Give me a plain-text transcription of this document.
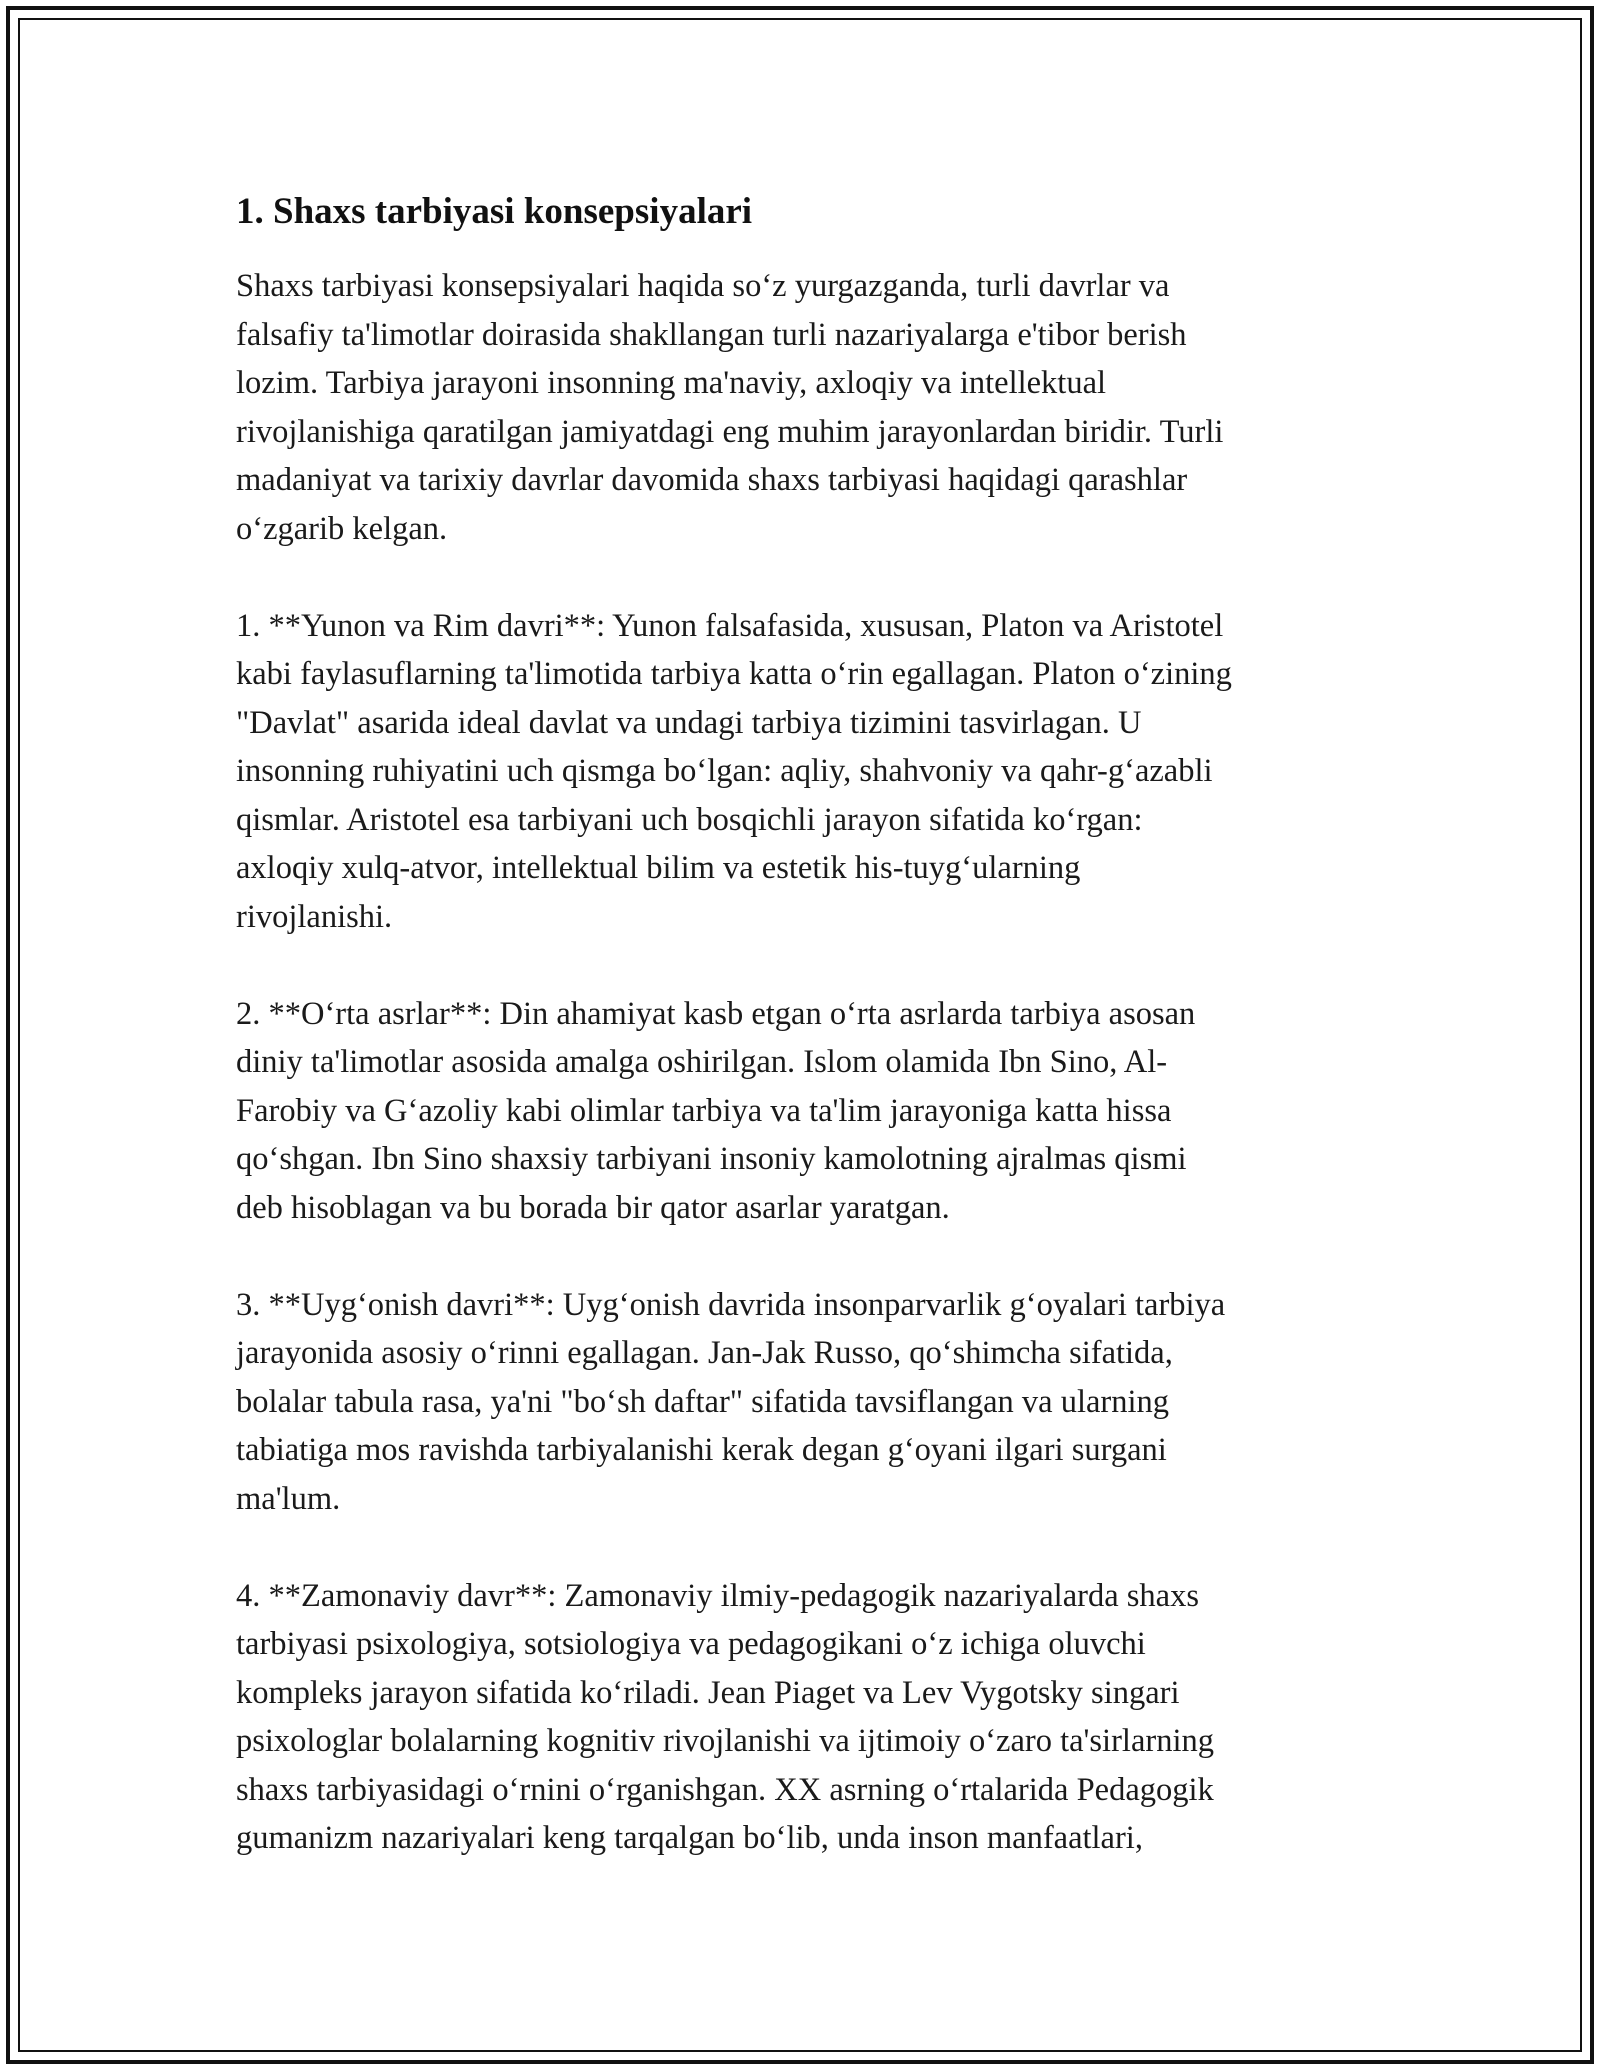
1. Shaxs tarbiyasi konsepsiyalari

Shaxs tarbiyasi konsepsiyalari haqida so‘z yurgazganda, turli davrlar va
falsafiy ta'limotlar doirasida shakllangan turli nazariyalarga e'tibor berish
lozim. Tarbiya jarayoni insonning ma'naviy, axloqiy va intellektual
rivojlanishiga qaratilgan jamiyatdagi eng muhim jarayonlardan biridir. Turli
madaniyat va tarixiy davrlar davomida shaxs tarbiyasi haqidagi qarashlar
o‘zgarib kelgan.

1. **Yunon va Rim davri**: Yunon falsafasida, xususan, Platon va Aristotel
kabi faylasuflarning ta'limotida tarbiya katta o‘rin egallagan. Platon o‘zining
"Davlat" asarida ideal davlat va undagi tarbiya tizimini tasvirlagan. U
insonning ruhiyatini uch qismga bo‘lgan: aqliy, shahvoniy va qahr-g‘azabli
qismlar. Aristotel esa tarbiyani uch bosqichli jarayon sifatida ko‘rgan:
axloqiy xulq-atvor, intellektual bilim va estetik his-tuyg‘ularning
rivojlanishi.

2. **O‘rta asrlar**: Din ahamiyat kasb etgan o‘rta asrlarda tarbiya asosan
diniy ta'limotlar asosida amalga oshirilgan. Islom olamida Ibn Sino, Al-
Farobiy va G‘azoliy kabi olimlar tarbiya va ta'lim jarayoniga katta hissa
qo‘shgan. Ibn Sino shaxsiy tarbiyani insoniy kamolotning ajralmas qismi
deb hisoblagan va bu borada bir qator asarlar yaratgan.

3. **Uyg‘onish davri**: Uyg‘onish davrida insonparvarlik g‘oyalari tarbiya
jarayonida asosiy o‘rinni egallagan. Jan-Jak Russo, qo‘shimcha sifatida,
bolalar tabula rasa, ya'ni "bo‘sh daftar" sifatida tavsiflangan va ularning
tabiatiga mos ravishda tarbiyalanishi kerak degan g‘oyani ilgari surgani
ma'lum.

4. **Zamonaviy davr**: Zamonaviy ilmiy-pedagogik nazariyalarda shaxs
tarbiyasi psixologiya, sotsiologiya va pedagogikani o‘z ichiga oluvchi
kompleks jarayon sifatida ko‘riladi. Jean Piaget va Lev Vygotsky singari
psixologlar bolalarning kognitiv rivojlanishi va ijtimoiy o‘zaro ta'sirlarning
shaxs tarbiyasidagi o‘rnini o‘rganishgan. XX asrning o‘rtalarida Pedagogik
gumanizm nazariyalari keng tarqalgan bo‘lib, unda inson manfaatlari,
